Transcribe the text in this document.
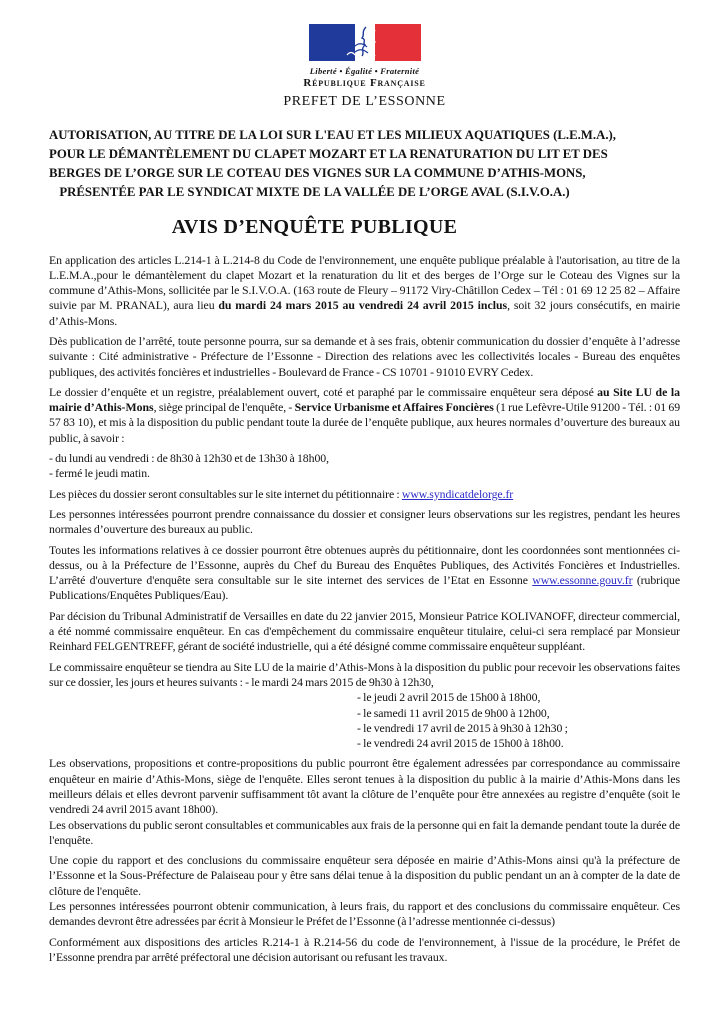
Liberté • Égalité • Fraternité
République Française
PREFET DE L’ESSONNE
AUTORISATION, AU TITRE DE LA LOI SUR L'EAU ET LES MILIEUX AQUATIQUES (L.E.M.A.),
POUR LE DÉMANTÈLEMENT DU CLAPET MOZART ET LA RENATURATION DU LIT ET DES
BERGES DE L’ORGE SUR LE COTEAU DES VIGNES SUR LA COMMUNE D’ATHIS-MONS,
PRÉSENTÉE PAR LE SYNDICAT MIXTE DE LA VALLÉE DE L’ORGE AVAL (S.I.V.O.A.)
AVIS D’ENQUÊTE PUBLIQUE

En application des articles L.214-1 à L.214-8 du Code de l'environnement, une enquête publique préalable à l'autorisation, au titre de la L.E.M.A.,pour le démantèlement du clapet Mozart et la renaturation du lit et des berges de l’Orge sur le Coteau des Vignes sur la commune d’Athis-Mons, sollicitée par le S.I.V.O.A. (163 route de Fleury – 91172 Viry-Châtillon Cedex – Tél : 01 69 12 25 82 – Affaire suivie par M. PRANAL), aura lieu du mardi 24 mars 2015 au vendredi 24 avril 2015 inclus, soit 32 jours consécutifs, en mairie d’Athis-Mons.

Dès publication de l’arrêté, toute personne pourra, sur sa demande et à ses frais, obtenir communication du dossier d’enquête à l’adresse suivante : Cité administrative - Préfecture de l’Essonne - Direction des relations avec les collectivités locales - Bureau des enquêtes publiques, des activités foncières et industrielles - Boulevard de France - CS 10701 - 91010 EVRY Cedex.

Le dossier d’enquête et un registre, préalablement ouvert, coté et paraphé par le commissaire enquêteur sera déposé au Site LU de la mairie d’Athis-Mons, siège principal de l'enquête, - Service Urbanisme et Affaires Foncières (1 rue Lefèvre-Utile 91200 - Tél. : 01 69 57 83 10), et mis à la disposition du public pendant toute la durée de l’enquête publique, aux heures normales d’ouverture des bureaux au public, à savoir :

- du lundi au vendredi : de 8h30 à 12h30 et de 13h30 à 18h00,

- fermé le jeudi matin.

Les pièces du dossier seront consultables sur le site internet du pétitionnaire : www.syndicatdelorge.fr

Les personnes intéressées pourront prendre connaissance du dossier et consigner leurs observations sur les registres, pendant les heures normales d’ouverture des bureaux au public.

Toutes les informations relatives à ce dossier pourront être obtenues auprès du pétitionnaire, dont les coordonnées sont mentionnées ci-dessus, ou à la Préfecture de l’Essonne, auprès du Chef du Bureau des Enquêtes Publiques, des Activités Foncières et Industrielles. L’arrêté d'ouverture d'enquête sera consultable sur le site internet des services de l’Etat en Essonne www.essonne.gouv.fr (rubrique Publications/Enquêtes Publiques/Eau).

Par décision du Tribunal Administratif de Versailles en date du 22 janvier 2015, Monsieur Patrice KOLIVANOFF, directeur commercial, a été nommé commissaire enquêteur. En cas d'empêchement du commissaire enquêteur titulaire, celui-ci sera remplacé par Monsieur Reinhard FELGENTREFF, gérant de société industrielle, qui a été désigné comme commissaire enquêteur suppléant.

Le commissaire enquêteur se tiendra au Site LU de la mairie d’Athis-Mons à la disposition du public pour recevoir les observations faites sur ce dossier, les jours et heures suivants : - le mardi 24 mars 2015 de 9h30 à 12h30,

- le jeudi 2 avril 2015 de 15h00 à 18h00,

- le samedi 11 avril 2015 de 9h00 à 12h00,

- le vendredi 17 avril de 2015 à 9h30 à 12h30 ;

- le vendredi 24 avril 2015 de 15h00 à 18h00.

Les observations, propositions et contre-propositions du public pourront être également adressées par correspondance au commissaire enquêteur en mairie d’Athis-Mons, siège de l'enquête. Elles seront tenues à la disposition du public à la mairie d’Athis-Mons dans les meilleurs délais et elles devront parvenir suffisamment tôt avant la clôture de l’enquête pour être annexées au registre d’enquête (soit le vendredi 24 avril 2015 avant 18h00).

Les observations du public seront consultables et communicables aux frais de la personne qui en fait la demande pendant toute la durée de l'enquête.

Une copie du rapport et des conclusions du commissaire enquêteur sera déposée en mairie d’Athis-Mons ainsi qu'à la préfecture de l’Essonne et la Sous-Préfecture de Palaiseau pour y être sans délai tenue à la disposition du public pendant un an à compter de la date de clôture de l'enquête.

Les personnes intéressées pourront obtenir communication, à leurs frais, du rapport et des conclusions du commissaire enquêteur. Ces demandes devront être adressées par écrit à Monsieur le Préfet de l’Essonne (à l’adresse mentionnée ci-dessus)

Conformément aux dispositions des articles R.214-1 à R.214-56 du code de l'environnement, à l'issue de la procédure, le Préfet de l’Essonne prendra par arrêté préfectoral une décision autorisant ou refusant les travaux.
